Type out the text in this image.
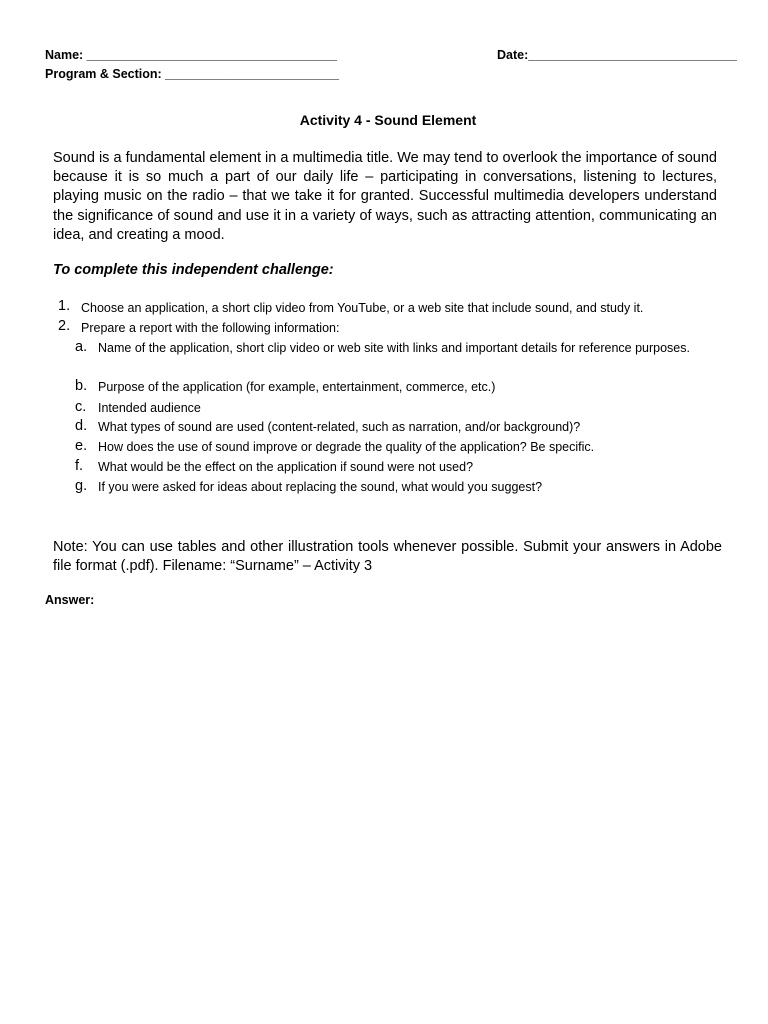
Name: ____________________________________	Date:______________________________
Program & Section: _________________________
Activity 4 - Sound Element

Sound is a fundamental element in a multimedia title. We may tend to overlook the importance of sound because it is so much a part of our daily life – participating in conversations, listening to lectures, playing music on the radio – that we take it for granted. Successful multimedia developers understand the significance of sound and use it in a variety of ways, such as attracting attention, communicating an idea, and creating a mood.

To complete this independent challenge:
1. Choose an application, a short clip video from YouTube, or a web site that include sound, and study it.
2. Prepare a report with the following information:
a. Name of the application, short clip video or web site with links and important details for reference purposes.
b. Purpose of the application (for example, entertainment, commerce, etc.)
c. Intended audience
d. What types of sound are used (content-related, such as narration, and/or background)?
e. How does the use of sound improve or degrade the quality of the application? Be specific.
f. What would be the effect on the application if sound were not used?
g. If you were asked for ideas about replacing the sound, what would you suggest?

Note: You can use tables and other illustration tools whenever possible. Submit your answers in Adobe file format (.pdf). Filename: “Surname” – Activity 3

Answer:
